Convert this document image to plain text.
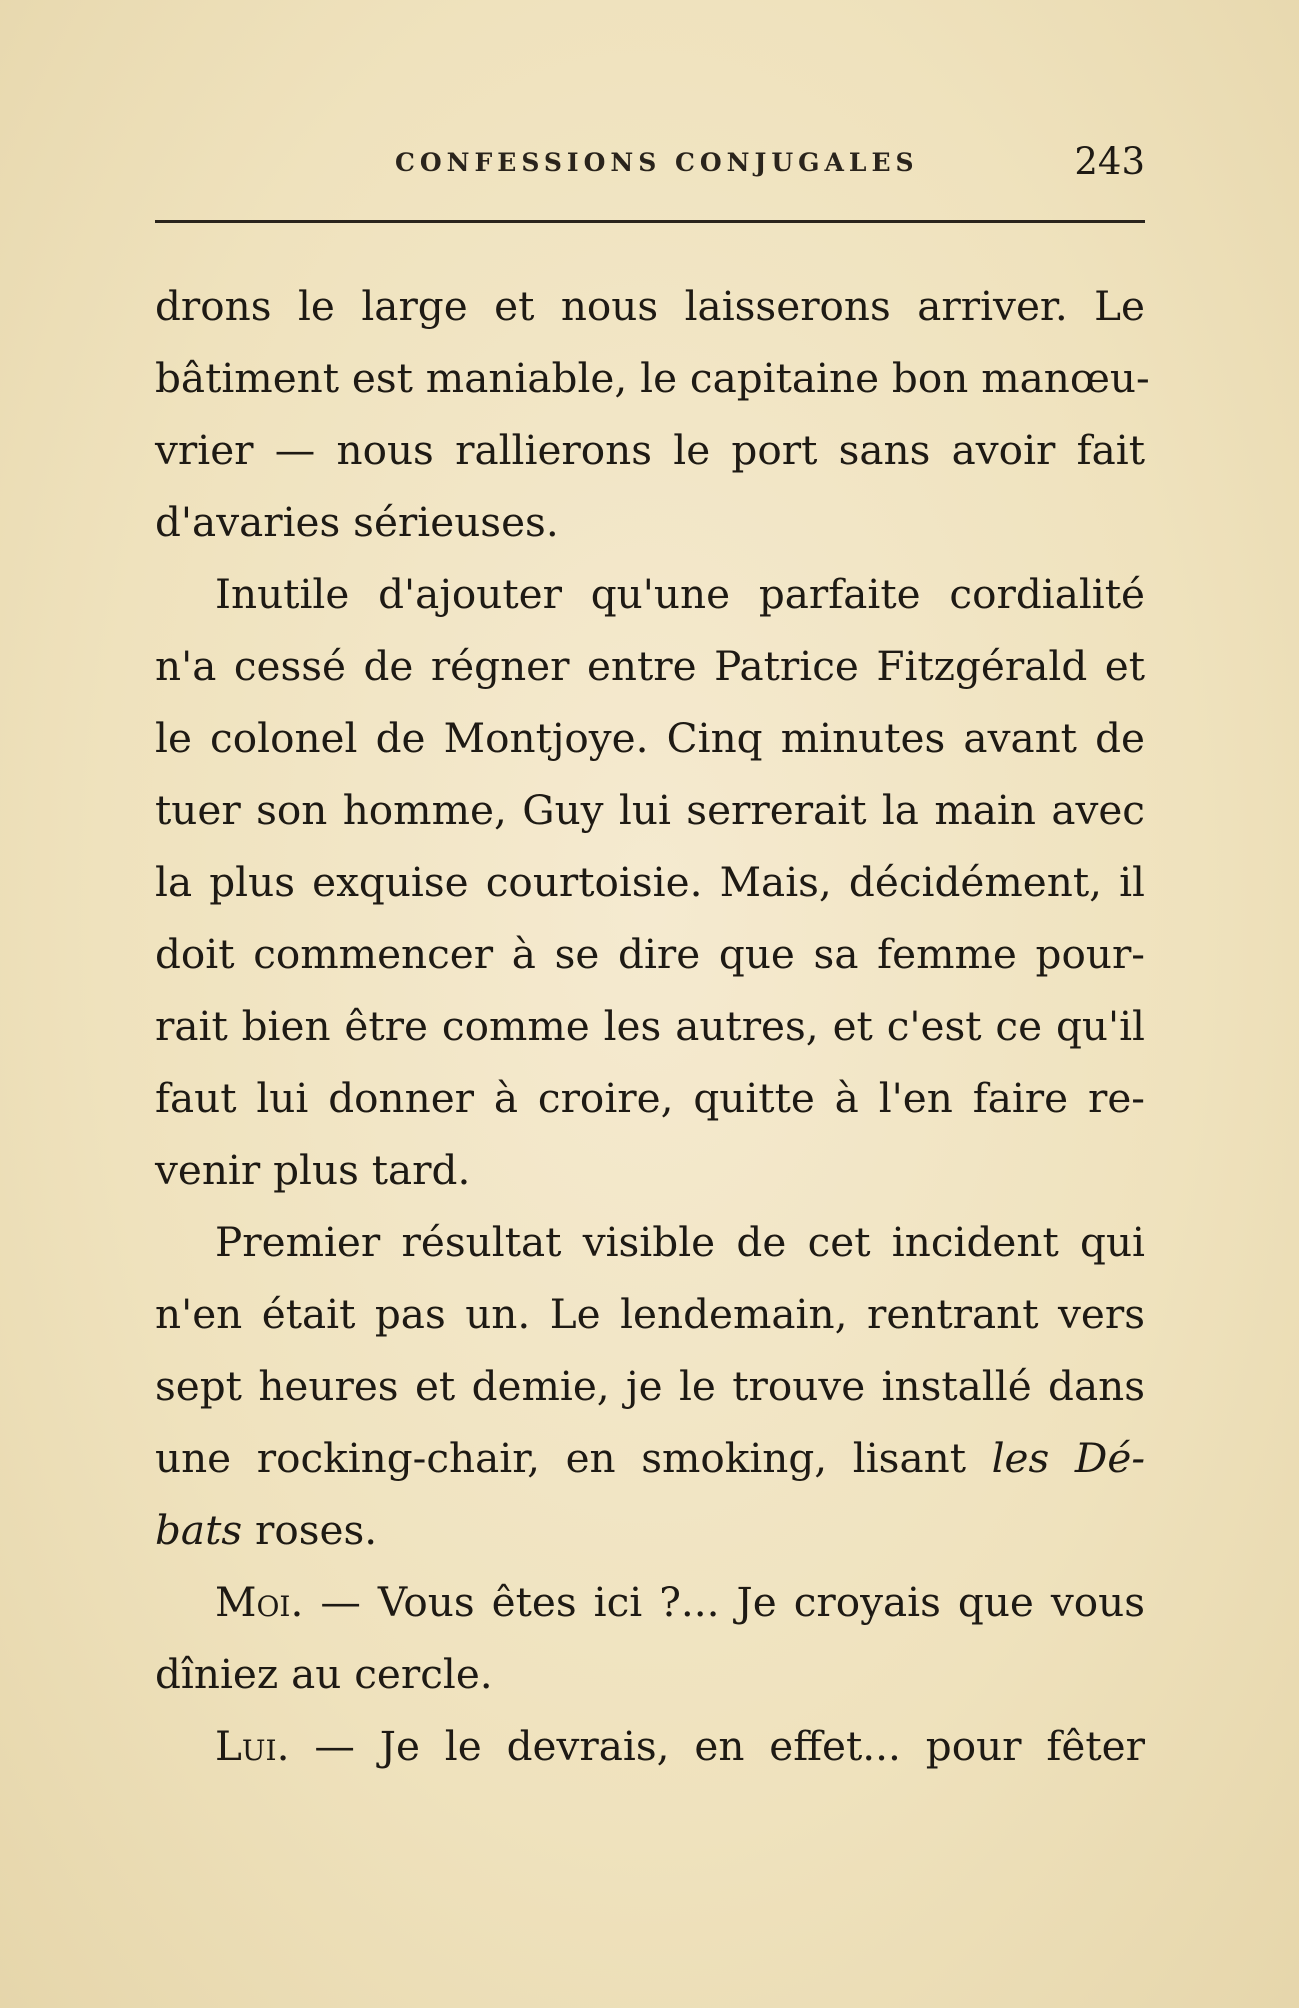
CONFESSIONS CONJUGALES	243
drons le large et nous laisserons arriver. Le
bâtiment est maniable, le capitaine bon manœu-
vrier — nous rallierons le port sans avoir fait
d'avaries sérieuses.
Inutile d'ajouter qu'une parfaite cordialité
n'a cessé de régner entre Patrice Fitzgérald et
le colonel de Montjoye. Cinq minutes avant de
tuer son homme, Guy lui serrerait la main avec
la plus exquise courtoisie. Mais, décidément, il
doit commencer à se dire que sa femme pour-
rait bien être comme les autres, et c'est ce qu'il
faut lui donner à croire, quitte à l'en faire re-
venir plus tard.
Premier résultat visible de cet incident qui
n'en était pas un. Le lendemain, rentrant vers
sept heures et demie, je le trouve installé dans
une rocking-chair, en smoking, lisant les Dé-
bats roses.
Moi. — Vous êtes ici ?... Je croyais que vous
dîniez au cercle.
Lui. — Je le devrais, en effet... pour fêter
